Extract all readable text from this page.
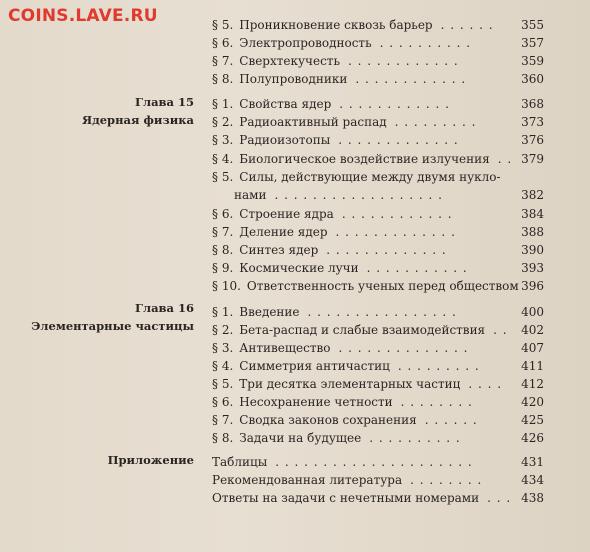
COINS.LAVE.RU
Глава 15
Ядерная физика
Глава 16
Элементарные частицы
Приложение
§ 5. Проникновение сквозь барьер . . . . . .	355
§ 6. Электропроводность . . . . . . . . . .	357
§ 7. Сверхтекучесть . . . . . . . . . . . .	359
§ 8. Полупроводники . . . . . . . . . . . .	360
§ 1. Свойства ядер . . . . . . . . . . . .	368
§ 2. Радиоактивный распад . . . . . . . . .	373
§ 3. Радиоизотопы . . . . . . . . . . . . .	376
§ 4. Биологическое воздействие излучения . . 379
§ 5. Силы, действующие между двумя нукло-
нами . . . . . . . . . . . . . . . . . .	382
§ 6. Строение ядра . . . . . . . . . . . .	384
§ 7. Деление ядер . . . . . . . . . . . . .	388
§ 8. Синтез ядер . . . . . . . . . . . . .	390
§ 9. Космические лучи . . . . . . . . . . .	393
§ 10. Ответственность ученых перед обществом 396
§ 1. Введение . . . . . . . . . . . . . . . .	400
§ 2. Бета-распад и слабые взаимодействия . .	402
§ 3. Антивещество . . . . . . . . . . . . . .	407
§ 4. Симметрия античастиц . . . . . . . . .	411
§ 5. Три десятка элементарных частиц . . . .	412
§ 6. Несохранение четности . . . . . . . .	420
§ 7. Сводка законов сохранения . . . . . .	425
§ 8. Задачи на будущее . . . . . . . . . .	426
Таблицы . . . . . . . . . . . . . . . . . . . . .	431
Рекомендованная литература . . . . . . . .	434
Ответы на задачи с нечетными номерами . . . 438
